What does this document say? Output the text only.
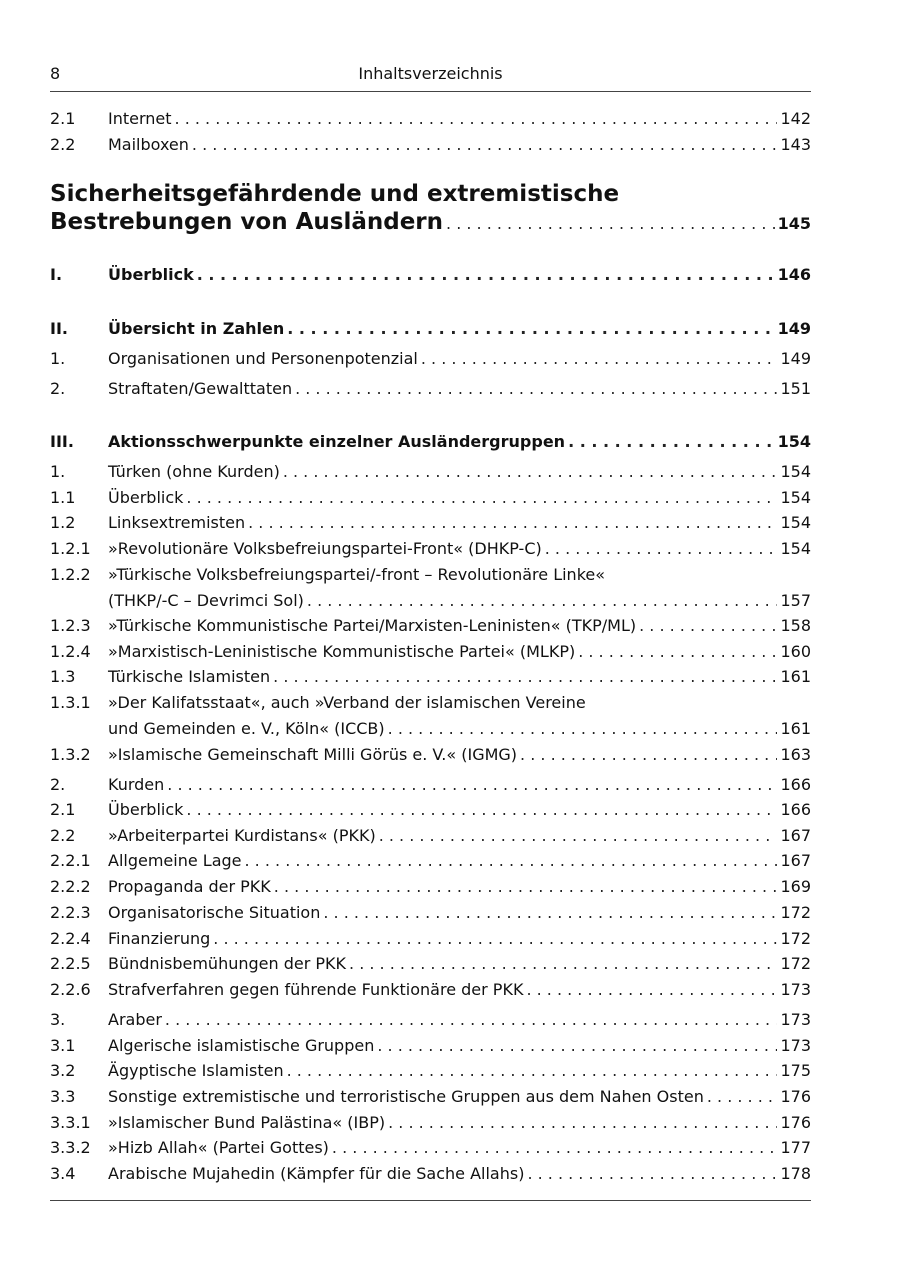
8	Inhaltsverzeichnis
2.1 Internet . . .	142
2.2 Mailboxen . . .	143
Sicherheitsgefährdende und extremistische
Bestrebungen von Ausländern . . .	145
I.	Überblick . . .	146
II.	Übersicht in Zahlen . . .	149
1.	Organisationen und Personenpotenzial . . .	149
2.	Straftaten/Gewalttaten . . .	151
III. Aktionsschwerpunkte einzelner Ausländergruppen . . .	154
1.	Türken (ohne Kurden) . . .	154
1.1 Überblick . . .	154
1.2 Linksextremisten . . .	154
1.2.1 »Revolutionäre Volksbefreiungspartei-Front« (DHKP-C) . . .	154
1.2.2 »Türkische Volksbefreiungspartei/-front – Revolutionäre Linke«
(THKP/-C – Devrimci Sol) . . .	157
1.2.3 »Türkische Kommunistische Partei/Marxisten-Leninisten« (TKP/ML) . . .	158
1.2.4 »Marxistisch-Leninistische Kommunistische Partei« (MLKP) . . .	160
1.3 Türkische Islamisten . . .	161
1.3.1 »Der Kalifatsstaat«, auch »Verband der islamischen Vereine
und Gemeinden e. V., Köln« (ICCB) . . .	161
1.3.2 »Islamische Gemeinschaft Milli Görüs e. V.« (IGMG) . . .	163
2.	Kurden . . .	166
2.1 Überblick . . .	166
2.2 »Arbeiterpartei Kurdistans« (PKK) . . .	167
2.2.1 Allgemeine Lage . . .	167
2.2.2 Propaganda der PKK . . .	169
2.2.3 Organisatorische Situation . . .	172
2.2.4 Finanzierung . . .	172
2.2.5 Bündnisbemühungen der PKK . . .	172
2.2.6 Strafverfahren gegen führende Funktionäre der PKK . . .	173
3.	Araber . . .	173
3.1 Algerische islamistische Gruppen . . .	173
3.2 Ägyptische Islamisten . . .	175
3.3 Sonstige extremistische und terroristische Gruppen aus dem Nahen Osten . . .	176
3.3.1 »Islamischer Bund Palästina« (IBP) . . .	176
3.3.2 »Hizb Allah« (Partei Gottes) . . .	177
3.4 Arabische Mujahedin (Kämpfer für die Sache Allahs) . . .	178
